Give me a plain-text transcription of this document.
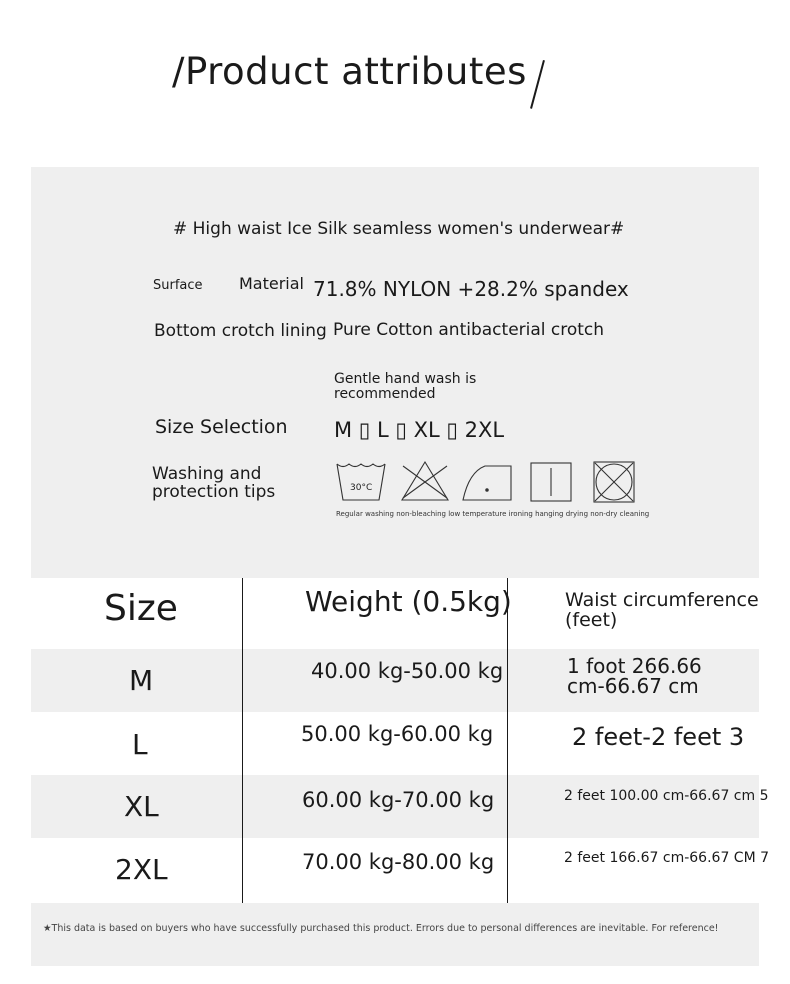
/Product attributes
# High waist Ice Silk seamless women's underwear#
Surface Material 71.8% NYLON +28.2% spandex
Bottom crotch lining Pure Cotton antibacterial crotch
Gentle hand wash is recommended
Size Selection M ▯ L ▯ XL ▯ 2XL
Washing and protection tips	30°C
Regular washing non-bleaching low temperature ironing hanging drying non-dry cleaning
Size	Weight (0.5kg)	Waist circumference (feet)
M	40.00 kg-50.00 kg	1 foot 266.66 cm-66.67 cm
L	50.00 kg-60.00 kg	2 feet-2 feet 3
XL	60.00 kg-70.00 kg	2 feet 100.00 cm-66.67 cm 5
2XL	70.00 kg-80.00 kg	2 feet 166.67 cm-66.67 CM 7
★This data is based on buyers who have successfully purchased this product. Errors due to personal differences are inevitable. For reference!
